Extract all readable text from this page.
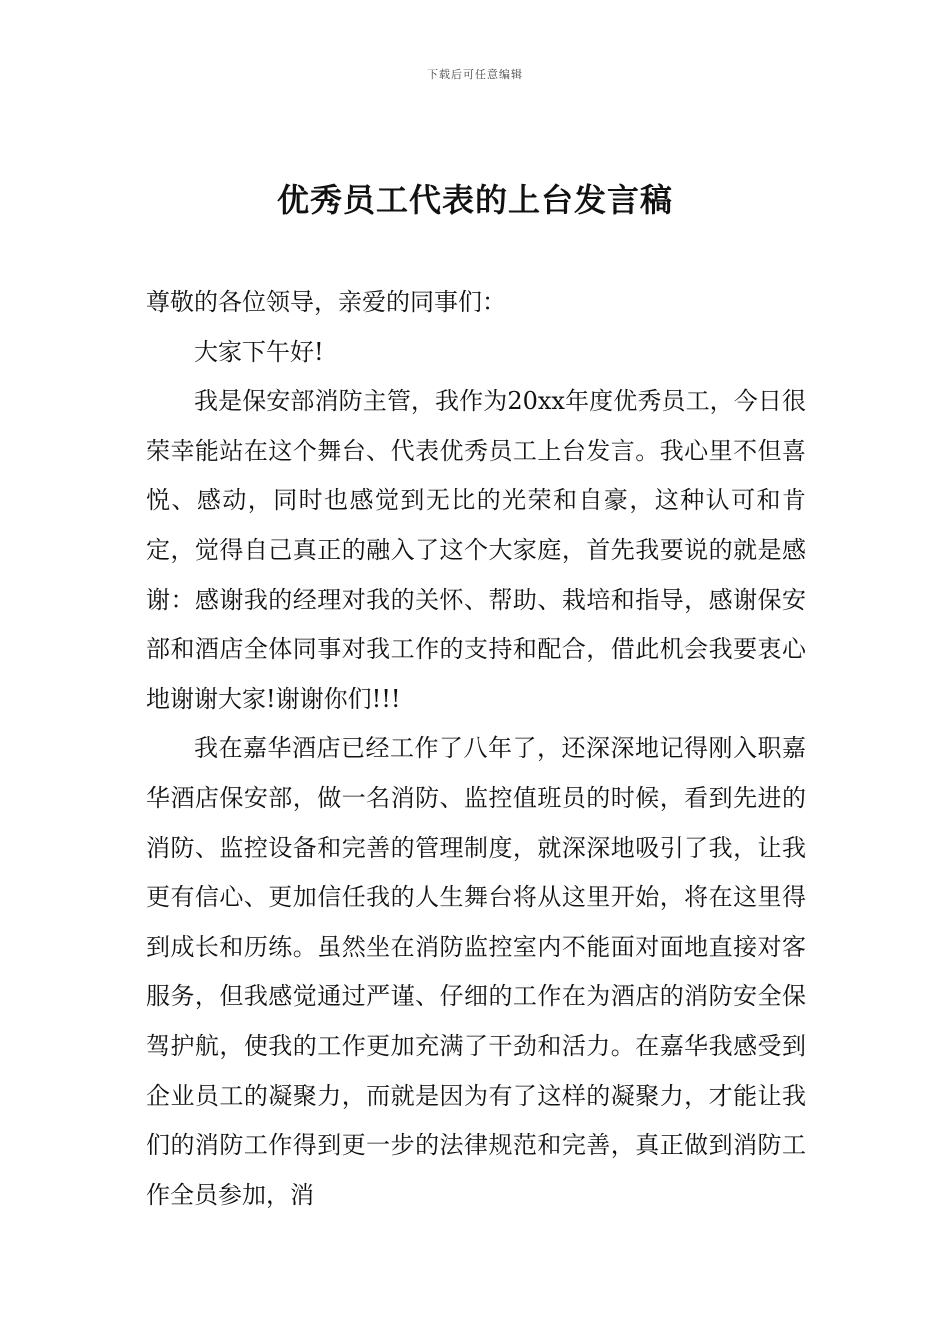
下载后可任意编辑
优秀员工代表的上台发言稿

尊敬的各位领导，亲爱的同事们：

大家下午好!

我是保安部消防主管，我作为20xx年度优秀员工，今日很荣幸能站在这个舞台、代表优秀员工上台发言。我心里不但喜悦、感动，同时也感觉到无比的光荣和自豪，这种认可和肯定，觉得自己真正的融入了这个大家庭，首先我要说的就是感谢：感谢我的经理对我的关怀、帮助、栽培和指导，感谢保安部和酒店全体同事对我工作的支持和配合，借此机会我要衷心地谢谢大家!谢谢你们!!!

我在嘉华酒店已经工作了八年了，还深深地记得刚入职嘉华酒店保安部，做一名消防、监控值班员的时候，看到先进的消防、监控设备和完善的管理制度，就深深地吸引了我，让我更有信心、更加信任我的人生舞台将从这里开始，将在这里得到成长和历练。虽然坐在消防监控室内不能面对面地直接对客服务，但我感觉通过严谨、仔细的工作在为酒店的消防安全保驾护航，使我的工作更加充满了干劲和活力。在嘉华我感受到企业员工的凝聚力，而就是因为有了这样的凝聚力，才能让我们的消防工作得到更一步的法律规范和完善，真正做到消防工作全员参加，消
